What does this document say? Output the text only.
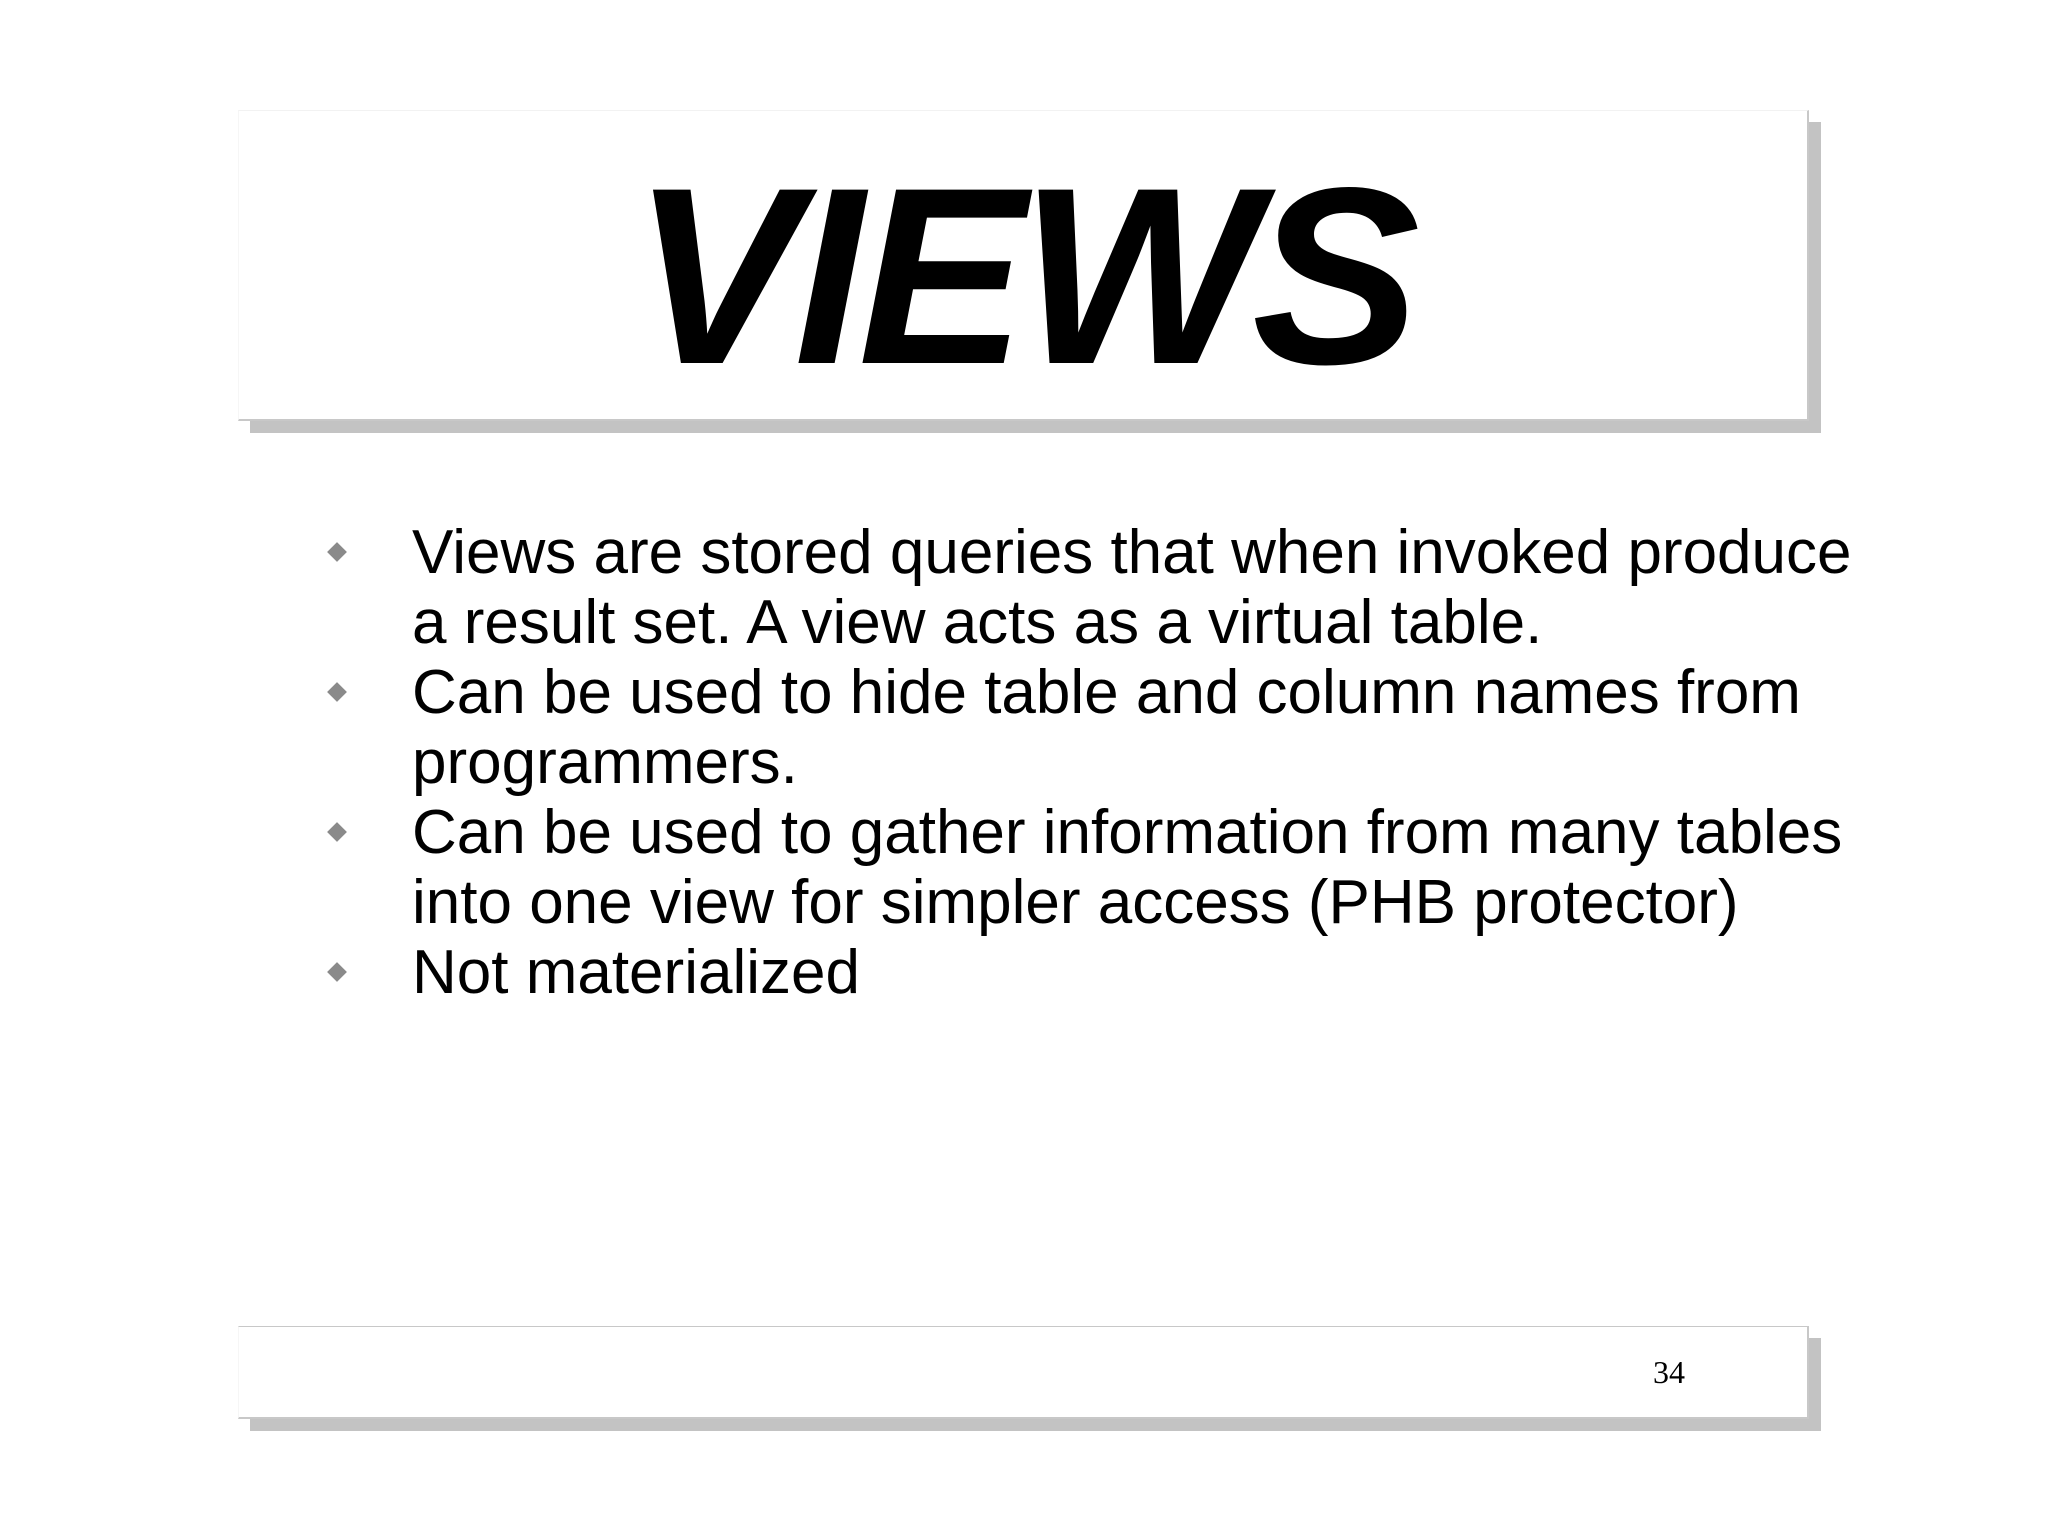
VIEWS
Views are stored queries that when invoked produce a result set. A view acts as a virtual table.
Can be used to hide table and column names from programmers.
Can be used to gather information from many tables into one view for simpler access (PHB protector)
Not materialized
34
